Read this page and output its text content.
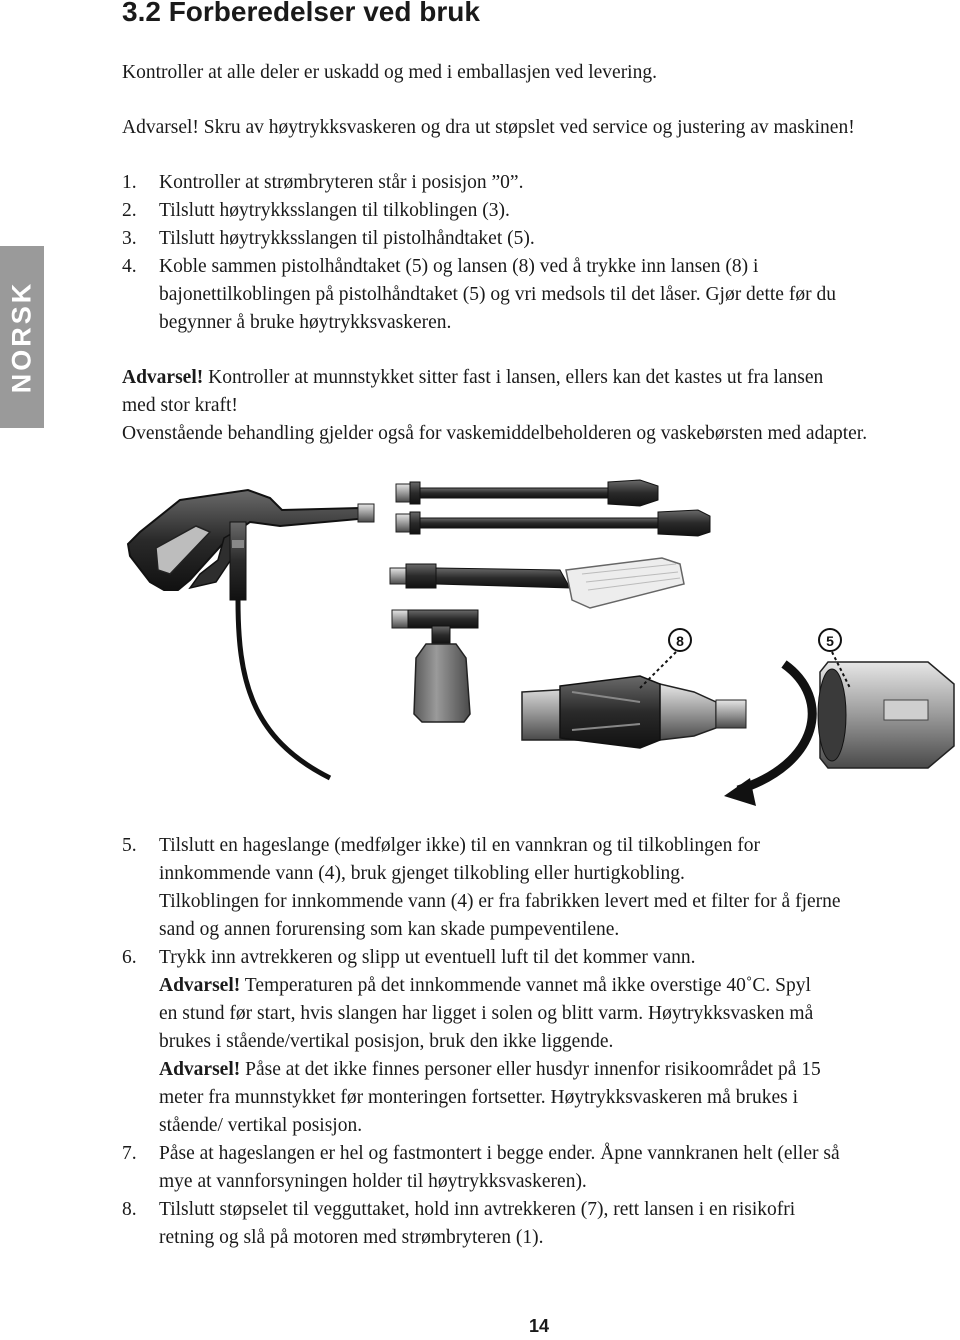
NORSK
3.2 Forberedelser ved bruk
Kontroller at alle deler er uskadd og med i emballasjen ved levering.
Advarsel! Skru av høytrykksvaskeren og dra ut støpslet ved service og justering av maskinen!
1. Kontroller at strømbryteren står i posisjon ”0”.
2. Tilslutt høytrykksslangen til tilkoblingen (3).
3. Tilslutt høytrykksslangen til pistolhåndtaket (5).
4. Koble sammen pistolhåndtaket (5) og lansen (8) ved å trykke inn lansen (8) i
bajonettilkoblingen på pistolhåndtaket (5) og vri medsols til det låser. Gjør dette før du
begynner å bruke høytrykksvaskeren.
Advarsel! Kontroller at munnstykket sitter fast i lansen, ellers kan det kastes ut fra lansen
med stor kraft!
Ovenstående behandling gjelder også for vaskemiddelbeholderen og vaskebørsten med adapter.
8	5
5. Tilslutt en hageslange (medfølger ikke) til en vannkran og til tilkoblingen for
innkommende vann (4), bruk gjenget tilkobling eller hurtigkobling.
Tilkoblingen for innkommende vann (4) er fra fabrikken levert med et filter for å fjerne
sand og annen forurensing som kan skade pumpeventilene.
6. Trykk inn avtrekkeren og slipp ut eventuell luft til det kommer vann.
Advarsel! Temperaturen på det innkommende vannet må ikke overstige 40˚C. Spyl
en stund før start, hvis slangen har ligget i solen og blitt varm. Høytrykksvasken må
brukes i stående/vertikal posisjon, bruk den ikke liggende.
Advarsel! Påse at det ikke finnes personer eller husdyr innenfor risikoområdet på 15
meter fra munnstykket før monteringen fortsetter. Høytrykksvaskeren må brukes i
stående/ vertikal posisjon.
7. Påse at hageslangen er hel og fastmontert i begge ender. Åpne vannkranen helt (eller så
mye at vannforsyningen holder til høytrykksvaskeren).
8. Tilslutt støpselet til vegguttaket, hold inn avtrekkeren (7), rett lansen i en risikofri
retning og slå på motoren med strømbryteren (1).
14
